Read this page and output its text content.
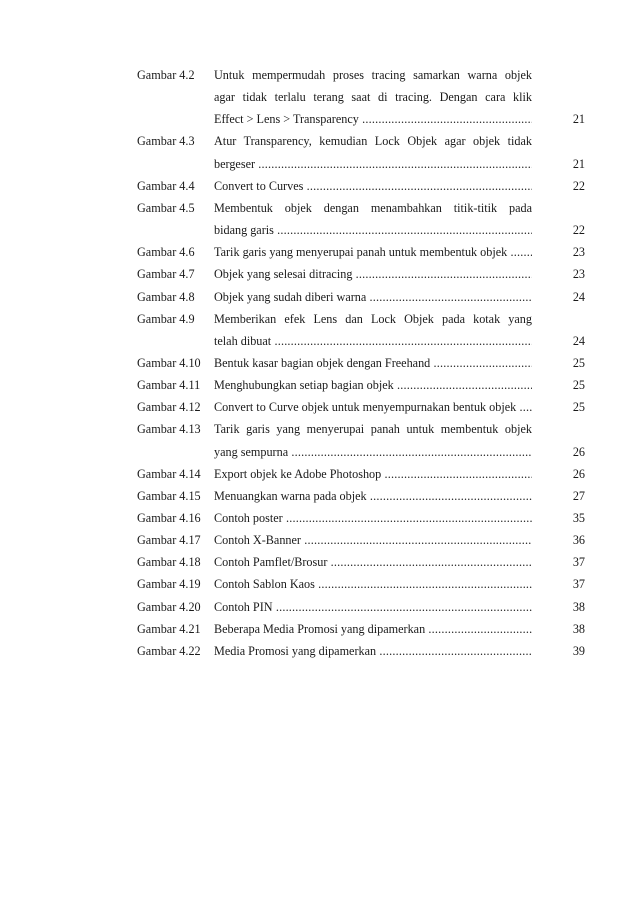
Gambar 4.2 Untuk mempermudah proses tracing samarkan warna objek
agar tidak terlalu terang saat di tracing. Dengan cara klik
Effect > Lens > Transparency .....	21
Gambar 4.3 Atur Transparency, kemudian Lock Objek agar objek tidak
bergeser .....	21
Gambar 4.4 Convert to Curves .....	22
Gambar 4.5 Membentuk objek dengan menambahkan titik-titik pada
bidang garis .....	22
Gambar 4.6 Tarik garis yang menyerupai panah untuk membentuk objek .....	23
Gambar 4.7 Objek yang selesai ditracing .....	23
Gambar 4.8 Objek yang sudah diberi warna .....	24
Gambar 4.9 Memberikan efek Lens dan Lock Objek pada kotak yang
telah dibuat .....	24
Gambar 4.10 Bentuk kasar bagian objek dengan Freehand .....	25
Gambar 4.11 Menghubungkan setiap bagian objek .....	25
Gambar 4.12 Convert to Curve objek untuk menyempurnakan bentuk objek .....	25
Gambar 4.13 Tarik garis yang menyerupai panah untuk membentuk objek
yang sempurna .....	26
Gambar 4.14 Export objek ke Adobe Photoshop .....	26
Gambar 4.15 Menuangkan warna pada objek .....	27
Gambar 4.16 Contoh poster .....	35
Gambar 4.17 Contoh X-Banner .....	36
Gambar 4.18 Contoh Pamflet/Brosur .....	37
Gambar 4.19 Contoh Sablon Kaos .....	37
Gambar 4.20 Contoh PIN .....	38
Gambar 4.21 Beberapa Media Promosi yang dipamerkan .....	38
Gambar 4.22 Media Promosi yang dipamerkan .....	39
